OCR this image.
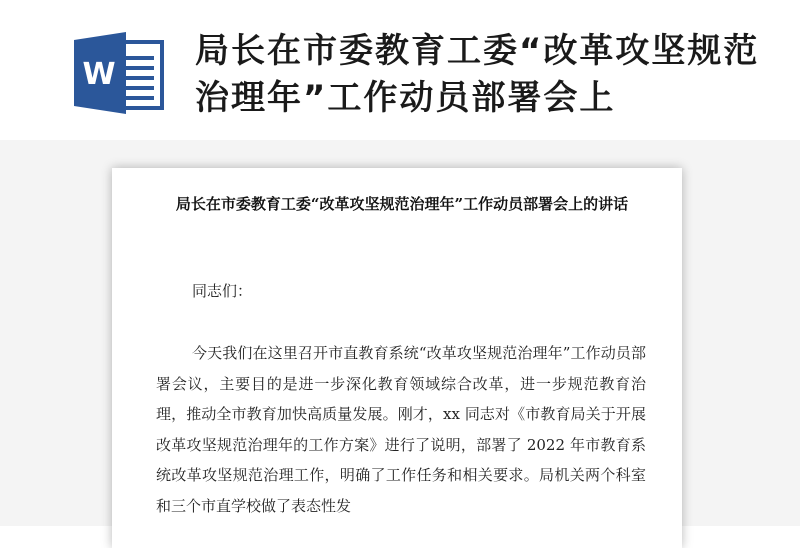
W
局长在市委教育工委“改革攻坚规范治理年”工作动员部署会上

局长在市委教育工委“改革攻坚规范治理年”工作动员部署会上的讲话

同志们：

今天我们在这里召开市直教育系统“改革攻坚规范治理年”工作动员部署会议，主要目的是进一步深化教育领域综合改革，进一步规范教育治理，推动全市教育加快高质量发展。刚才，xx 同志对《市教育局关于开展改革攻坚规范治理年的工作方案》进行了说明，部署了 2022 年市教育系统改革攻坚规范治理工作，明确了工作任务和相关要求。局机关两个科室和三个市直学校做了表态性发
